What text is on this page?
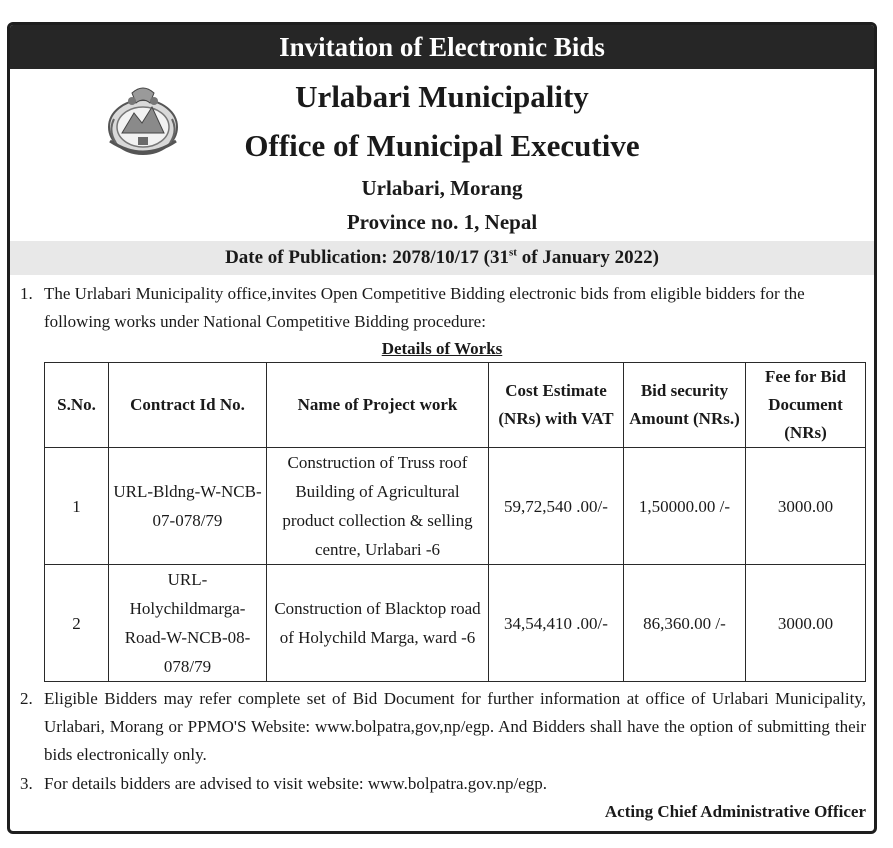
Invitation of Electronic Bids
Urlabari Municipality
Office of Municipal Executive
Urlabari, Morang
Province no. 1, Nepal
Date of Publication: 2078/10/17 (31st of January 2022)
1. The Urlabari Municipality office,invites Open Competitive Bidding electronic bids from eligible bidders for the following works under National Competitive Bidding procedure:
Details of Works
S.No.	Contract Id No.	Name of Project work	Cost Estimate (NRs) with VAT	Bid security Amount (NRs.)	Fee for Bid Document (NRs)
1	URL-Bldng-W-NCB-07-078/79	Construction of Truss roof Building of Agricultural product collection & selling centre, Urlabari -6	59,72,540 .00/-	1,50000.00 /-	3000.00
2	URL-Holychildmarga-Road-W-NCB-08-078/79	Construction of Blacktop road of Holychild Marga, ward -6	34,54,410 .00/-	86,360.00 /-	3000.00
2. Eligible Bidders may refer complete set of Bid Document for further information at office of Urlabari Municipality, Urlabari, Morang or PPMO'S Website: www.bolpatra,gov,np/egp. And Bidders shall have the option of submitting their bids electronically only.
3. For details bidders are advised to visit website: www.bolpatra.gov.np/egp.
Acting Chief Administrative Officer
